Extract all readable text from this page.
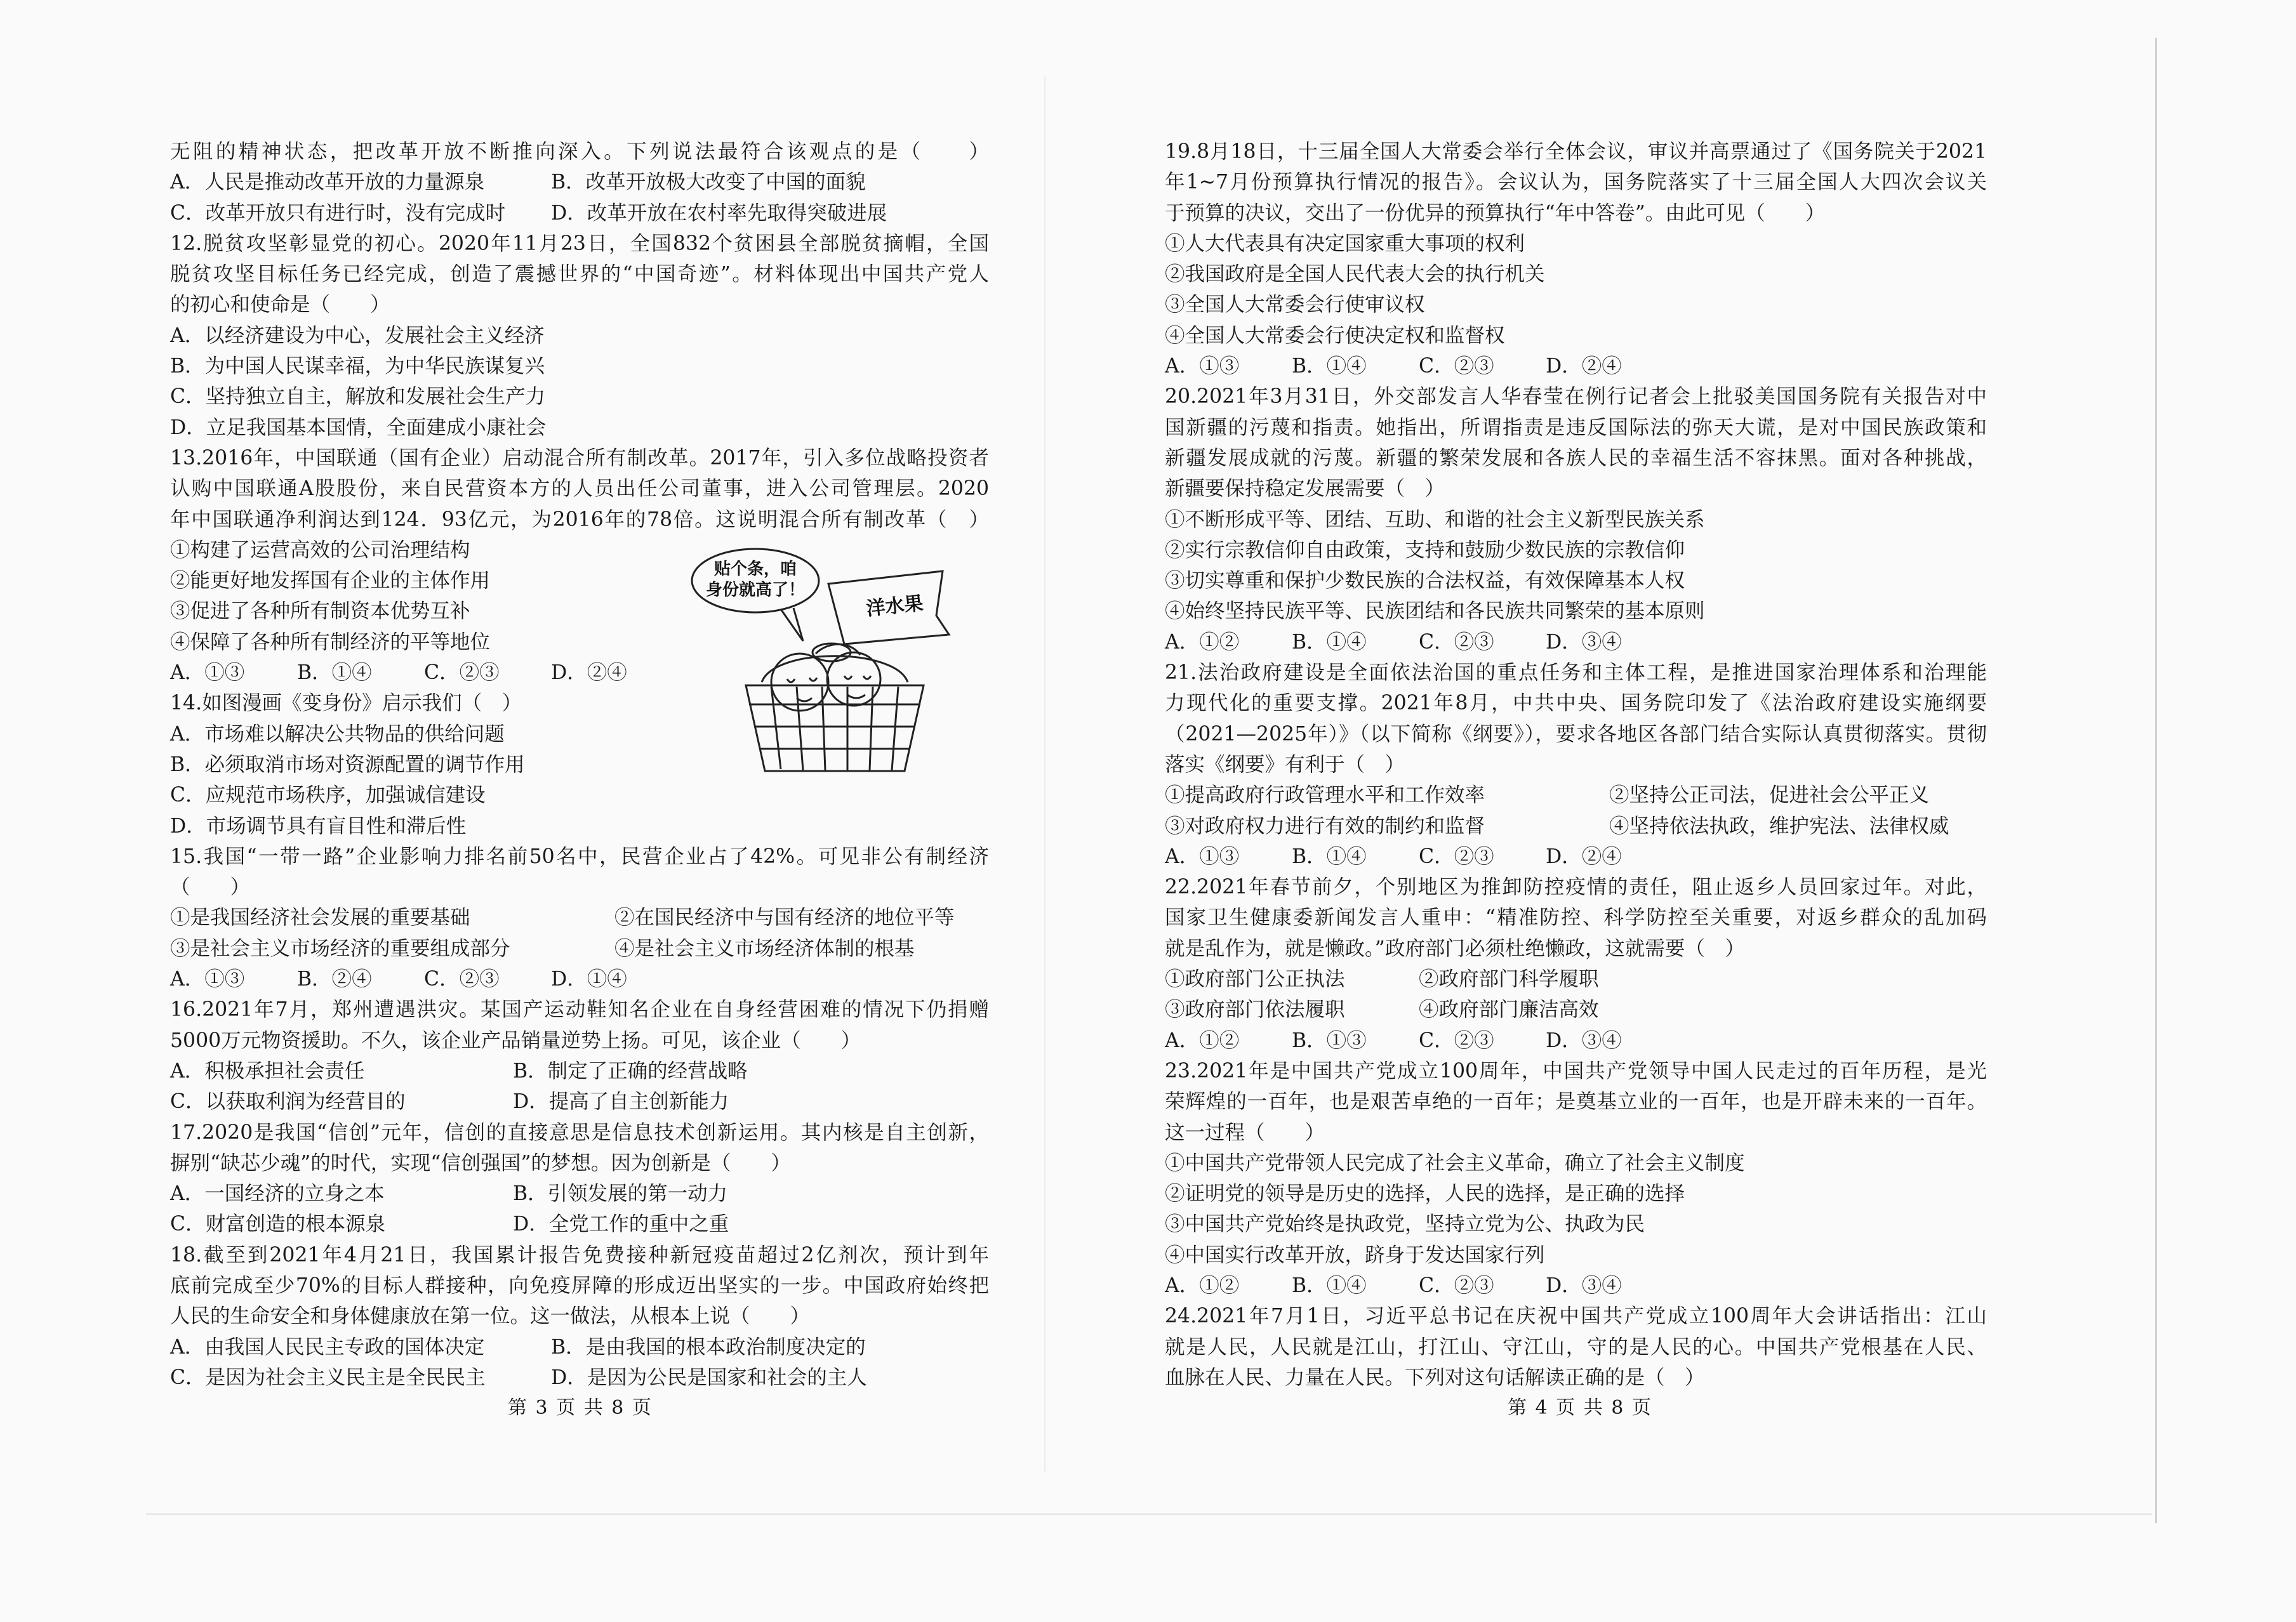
无阻的精神状态，把改革开放不断推向深入。下列说法最符合该观点的是（　　）
A．人民是推动改革开放的力量源泉	B．改革开放极大改变了中国的面貌
C．改革开放只有进行时，没有完成时	D．改革开放在农村率先取得突破进展
12.脱贫攻坚彰显党的初心。2020年11月23日，全国832个贫困县全部脱贫摘帽，全国
脱贫攻坚目标任务已经完成，创造了震撼世界的“中国奇迹”。材料体现出中国共产党人
的初心和使命是（　　）
A．以经济建设为中心，发展社会主义经济
B．为中国人民谋幸福，为中华民族谋复兴
C．坚持独立自主，解放和发展社会生产力
D．立足我国基本国情，全面建成小康社会
13.2016年，中国联通（国有企业）启动混合所有制改革。2017年，引入多位战略投资者
认购中国联通A股股份，来自民营资本方的人员出任公司董事，进入公司管理层。2020
年中国联通净利润达到124．93亿元，为2016年的78倍。这说明混合所有制改革（　）
①构建了运营高效的公司治理结构
②能更好地发挥国有企业的主体作用
③促进了各种所有制资本优势互补
④保障了各种所有制经济的平等地位
A．①③	B．①④	C．②③	D．②④
14.如图漫画《变身份》启示我们（　）
A．市场难以解决公共物品的供给问题
B．必须取消市场对资源配置的调节作用
C．应规范市场秩序，加强诚信建设
D．市场调节具有盲目性和滞后性
15.我国“一带一路”企业影响力排名前50名中，民营企业占了42%。可见非公有制经济
（　　）
①是我国经济社会发展的重要基础	②在国民经济中与国有经济的地位平等
③是社会主义市场经济的重要组成部分	④是社会主义市场经济体制的根基
A．①③	B．②④	C．②③	D．①④
16.2021年7月，郑州遭遇洪灾。某国产运动鞋知名企业在自身经营困难的情况下仍捐赠
5000万元物资援助。不久，该企业产品销量逆势上扬。可见，该企业（　　）
A．积极承担社会责任	B．制定了正确的经营战略
C．以获取利润为经营目的	D．提高了自主创新能力
17.2020是我国“信创”元年，信创的直接意思是信息技术创新运用。其内核是自主创新，
摒别“缺芯少魂”的时代，实现“信创强国”的梦想。因为创新是（　　）
A．一国经济的立身之本	B．引领发展的第一动力
C．财富创造的根本源泉	D．全党工作的重中之重
18.截至到2021年4月21日，我国累计报告免费接种新冠疫苗超过2亿剂次，预计到年
底前完成至少70%的目标人群接种，向免疫屏障的形成迈出坚实的一步。中国政府始终把
人民的生命安全和身体健康放在第一位。这一做法，从根本上说（　　）
A．由我国人民民主专政的国体决定	B．是由我国的根本政治制度决定的
C．是因为社会主义民主是全民民主	D．是因为公民是国家和社会的主人
贴个条，咱
身份就高了！
洋水果
19.8月18日，十三届全国人大常委会举行全体会议，审议并高票通过了《国务院关于2021
年1~7月份预算执行情况的报告》。会议认为，国务院落实了十三届全国人大四次会议关
于预算的决议，交出了一份优异的预算执行“年中答卷”。由此可见（　　）
①人大代表具有决定国家重大事项的权利
②我国政府是全国人民代表大会的执行机关
③全国人大常委会行使审议权
④全国人大常委会行使决定权和监督权
A．①③	B．①④	C．②③	D．②④
20.2021年3月31日，外交部发言人华春莹在例行记者会上批驳美国国务院有关报告对中
国新疆的污蔑和指责。她指出，所谓指责是违反国际法的弥天大谎，是对中国民族政策和
新疆发展成就的污蔑。新疆的繁荣发展和各族人民的幸福生活不容抹黑。面对各种挑战，
新疆要保持稳定发展需要（　）
①不断形成平等、团结、互助、和谐的社会主义新型民族关系
②实行宗教信仰自由政策，支持和鼓励少数民族的宗教信仰
③切实尊重和保护少数民族的合法权益，有效保障基本人权
④始终坚持民族平等、民族团结和各民族共同繁荣的基本原则
A．①②	B．①④	C．②③	D．③④
21.法治政府建设是全面依法治国的重点任务和主体工程，是推进国家治理体系和治理能
力现代化的重要支撑。2021年8月，中共中央、国务院印发了《法治政府建设实施纲要
（2021—2025年）》（以下简称《纲要》），要求各地区各部门结合实际认真贯彻落实。贯彻
落实《纲要》有利于（　）
①提高政府行政管理水平和工作效率	②坚持公正司法，促进社会公平正义
③对政府权力进行有效的制约和监督	④坚持依法执政，维护宪法、法律权威
A．①③	B．①④	C．②③	D．②④
22.2021年春节前夕，个别地区为推卸防控疫情的责任，阻止返乡人员回家过年。对此，
国家卫生健康委新闻发言人重申：“精准防控、科学防控至关重要，对返乡群众的乱加码
就是乱作为，就是懒政。”政府部门必须杜绝懒政，这就需要（　）
①政府部门公正执法	②政府部门科学履职
③政府部门依法履职	④政府部门廉洁高效
A．①②	B．①③	C．②③	D．③④
23.2021年是中国共产党成立100周年，中国共产党领导中国人民走过的百年历程，是光
荣辉煌的一百年，也是艰苦卓绝的一百年；是奠基立业的一百年，也是开辟未来的一百年。
这一过程（　　）
①中国共产党带领人民完成了社会主义革命，确立了社会主义制度
②证明党的领导是历史的选择，人民的选择，是正确的选择
③中国共产党始终是执政党，坚持立党为公、执政为民
④中国实行改革开放，跻身于发达国家行列
A．①②	B．①④	C．②③	D．③④
24.2021年7月1日，习近平总书记在庆祝中国共产党成立100周年大会讲话指出：江山
就是人民，人民就是江山，打江山、守江山，守的是人民的心。中国共产党根基在人民、
血脉在人民、力量在人民。下列对这句话解读正确的是（　）
第 3 页 共 8 页	第 4 页 共 8 页
